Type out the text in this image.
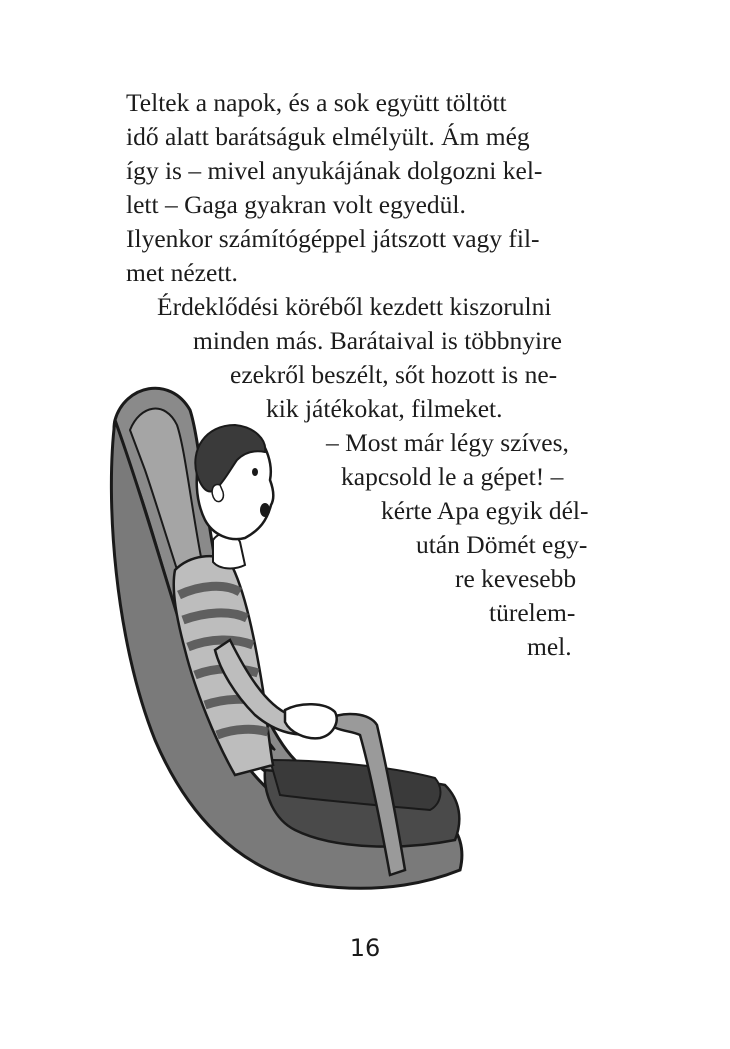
Teltek a napok, és a sok együtt töltött
idő alatt barátságuk elmélyült. Ám még
így is – mivel anyukájának dolgozni kel-
lett – Gaga gyakran volt egyedül.
Ilyenkor számítógéppel játszott vagy fil-
met nézett.
Érdeklődési köréből kezdett kiszorulni
minden más. Barátaival is többnyire
ezekről beszélt, sőt hozott is ne-
kik játékokat, filmeket.
– Most már légy szíves,
kapcsold le a gépet! –
kérte Apa egyik dél-
után Dömét egy-
re kevesebb
türelem-
mel.
16
